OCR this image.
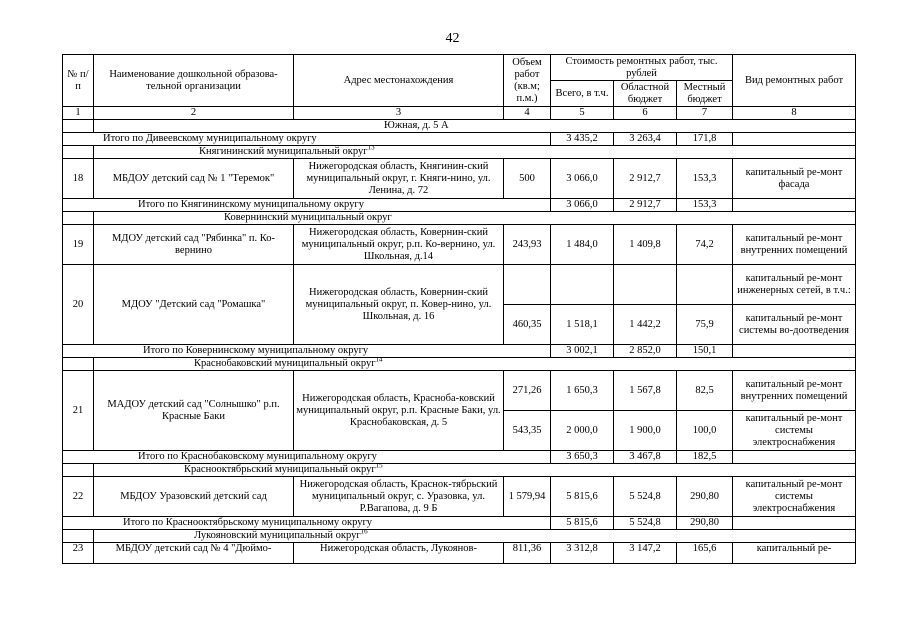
42
№ п/п	Наименование дошкольной образова-тельной организации	Адрес местонахождения	Объем работ (кв.м; п.м.)	Стоимость ремонтных работ, тыс. рублей			Вид ремонтных работ
				Всего, в т.ч.	Областной бюджет	Местный бюджет	
1	2	3	4	5	6	7	8
	Южная, д. 5 А						
Итого по Дивеевскому муниципальному округу				3 435,2	3 263,4	171,8	
	Княгининский муниципальный округ$^{13}$
18	МБДОУ детский сад № 1 "Теремок"	Нижегородская область, Княгинин-ский муниципальный округ, г. Княги-нино, ул. Ленина, д. 72	500	3 066,0	2 912,7	153,3	капитальный ре-монт фасада
Итого по Княгининскому муниципальному округу				3 066,0	2 912,7	153,3	
	Ковернинский муниципальный округ						
19	МДОУ детский сад "Рябинка" п. Ко-вернино	Нижегородская область, Ковернин-ский муниципальный округ, р.п. Ко-вернино, ул. Школьная, д.14	243,93	1 484,0	1 409,8	74,2	капитальный ре-монт внутренних помещений
20	МДОУ "Детский сад "Ромашка"	Нижегородская область, Ковернин-ский муниципальный округ, п. Ковер-нино, ул. Школьная, д. 16					капитальный ре-монт инженерных сетей, в т.ч.:
			460,35	1 518,1	1 442,2	75,9	капитальный ре-монт системы во-доотведения
Итого по Ковернинскому муниципальному округу				3 002,1	2 852,0	150,1	
	Краснобаковский муниципальный округ$^{14}$
21	МАДОУ детский сад "Солнышко" р.п. Красные Баки	Нижегородская область, Краснoба-ковский муниципальный округ, р.п. Красные Баки, ул. Краснобаковская, д. 5	271,26	1 650,3	1 567,8	82,5	капитальный ре-монт внутренних помещений
			543,35	2 000,0	1 900,0	100,0	капитальный ре-монт системы электроснабжения
Итого по Краснобаковскому муниципальному округу				3 650,3	3 467,8	182,5	
	Краснооктябрьский муниципальный округ$^{15}$
22	МБДОУ Уразовский детский сад	Нижегородская область, Краснок-тябрьский муниципальный округ, с. Уразовка, ул. Р.Вагапова, д. 9 Б	1 579,94	5 815,6	5 524,8	290,80	капитальный ре-монт системы электроснабжения
Итого по Краснооктябрьскому муниципальному округу				5 815,6	5 524,8	290,80	
	Лукояновский муниципальный округ$^{16}$
23	МБДОУ детский сад № 4 "Дюймо-	Нижегородская область, Лукоянов-	811,36	3 312,8	3 147,2	165,6	капитальный ре-
